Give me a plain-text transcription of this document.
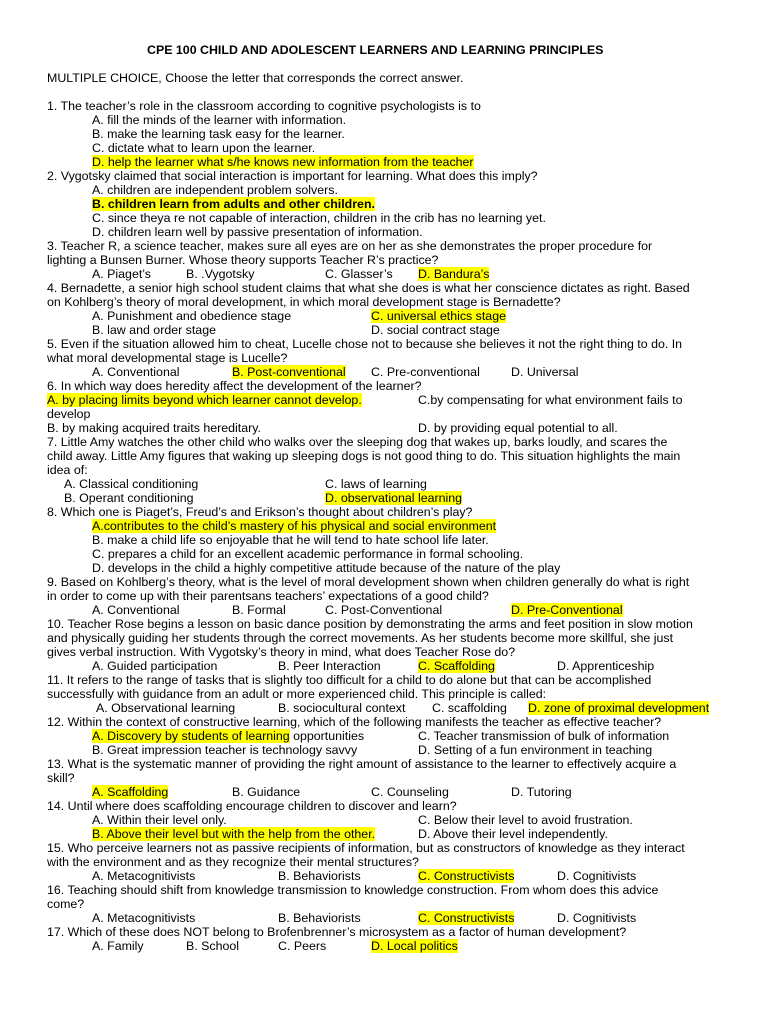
CPE 100 CHILD AND ADOLESCENT LEARNERS AND LEARNING PRINCIPLES
MULTIPLE CHOICE, Choose the letter that corresponds the correct answer.
1. The teacher’s role in the classroom according to cognitive psychologists is to
A. fill the minds of the learner with information.
B. make the learning task easy for the learner.
C. dictate what to learn upon the learner.
D. help the learner what s/he knows new information from the teacher
2. Vygotsky claimed that social interaction is important for learning. What does this imply?
A. children are independent problem solvers.
B. children learn from adults and other children.
C. since theya re not capable of interaction, children in the crib has no learning yet.
D. children learn well by passive presentation of information.
3. Teacher R, a science teacher, makes sure all eyes are on her as she demonstrates the proper procedure for
lighting a Bunsen Burner. Whose theory supports Teacher R’s practice?
A. Piaget’s	B. .Vygotsky	C. Glasser’s D. Bandura’s
4. Bernadette, a senior high school student claims that what she does is what her conscience dictates as right. Based
on Kohlberg’s theory of moral development, in which moral development stage is Bernadette?
A. Punishment and obedience stage	C. universal ethics stage
B. law and order stage	D. social contract stage
5. Even if the situation allowed him to cheat, Lucelle chose not to because she believes it not the right thing to do. In
what moral developmental stage is Lucelle?
A. Conventional	B. Post-conventional C. Pre-conventional	D. Universal
6. In which way does heredity affect the development of the learner?
A. by placing limits beyond which learner cannot develop.	C.by compensating for what environment fails to
develop
B. by making acquired traits hereditary.	D. by providing equal potential to all.
7. Little Amy watches the other child who walks over the sleeping dog that wakes up, barks loudly, and scares the
child away. Little Amy figures that waking up sleeping dogs is not good thing to do. This situation highlights the main
idea of:
A. Classical conditioning	C. laws of learning
B. Operant conditioning	D. observational learning
8. Which one is Piaget’s, Freud’s and Erikson’s thought about children’s play?
A.contributes to the child’s mastery of his physical and social environment
B. make a child life so enjoyable that he will tend to hate school life later.
C. prepares a child for an excellent academic performance in formal schooling.
D. develops in the child a highly competitive attitude because of the nature of the play
9. Based on Kohlberg’s theory, what is the level of moral development shown when children generally do what is right
in order to come up with their parentsans teachers’ expectations of a good child?
A. Conventional	B. Formal	C. Post-Conventional	D. Pre-Conventional
10. Teacher Rose begins a lesson on basic dance position by demonstrating the arms and feet position in slow motion
and physically guiding her students through the correct movements. As her students become more skillful, she just
gives verbal instruction. With Vygotsky’s theory in mind, what does Teacher Rose do?
A. Guided participation	B. Peer Interaction	C. Scaffolding	D. Apprenticeship
11. It refers to the range of tasks that is slightly too difficult for a child to do alone but that can be accomplished
successfully with guidance from an adult or more experienced child. This principle is called:
A. Observational learning	B. sociocultural context C. scaffolding D. zone of proximal development
12. Within the context of constructive learning, which of the following manifests the teacher as effective teacher?
A. Discovery by students of learning opportunities	C. Teacher transmission of bulk of information
B. Great impression teacher is technology savvy	D. Setting of a fun environment in teaching
13. What is the systematic manner of providing the right amount of assistance to the learner to effectively acquire a
skill?
A. Scaffolding	B. Guidance	C. Counseling	D. Tutoring
14. Until where does scaffolding encourage children to discover and learn?
A. Within their level only.	C. Below their level to avoid frustration.
B. Above their level but with the help from the other.	D. Above their level independently.
15. Who perceive learners not as passive recipients of information, but as constructors of knowledge as they interact
with the environment and as they recognize their mental structures?
A. Metacognitivists	B. Behaviorists	C. Constructivists	D. Cognitivists
16. Teaching should shift from knowledge transmission to knowledge construction. From whom does this advice
come?
A. Metacognitivists	B. Behaviorists	C. Constructivists	D. Cognitivists
17. Which of these does NOT belong to Brofenbrenner’s microsystem as a factor of human development?
A. Family	B. School	C. Peers	D. Local politics
